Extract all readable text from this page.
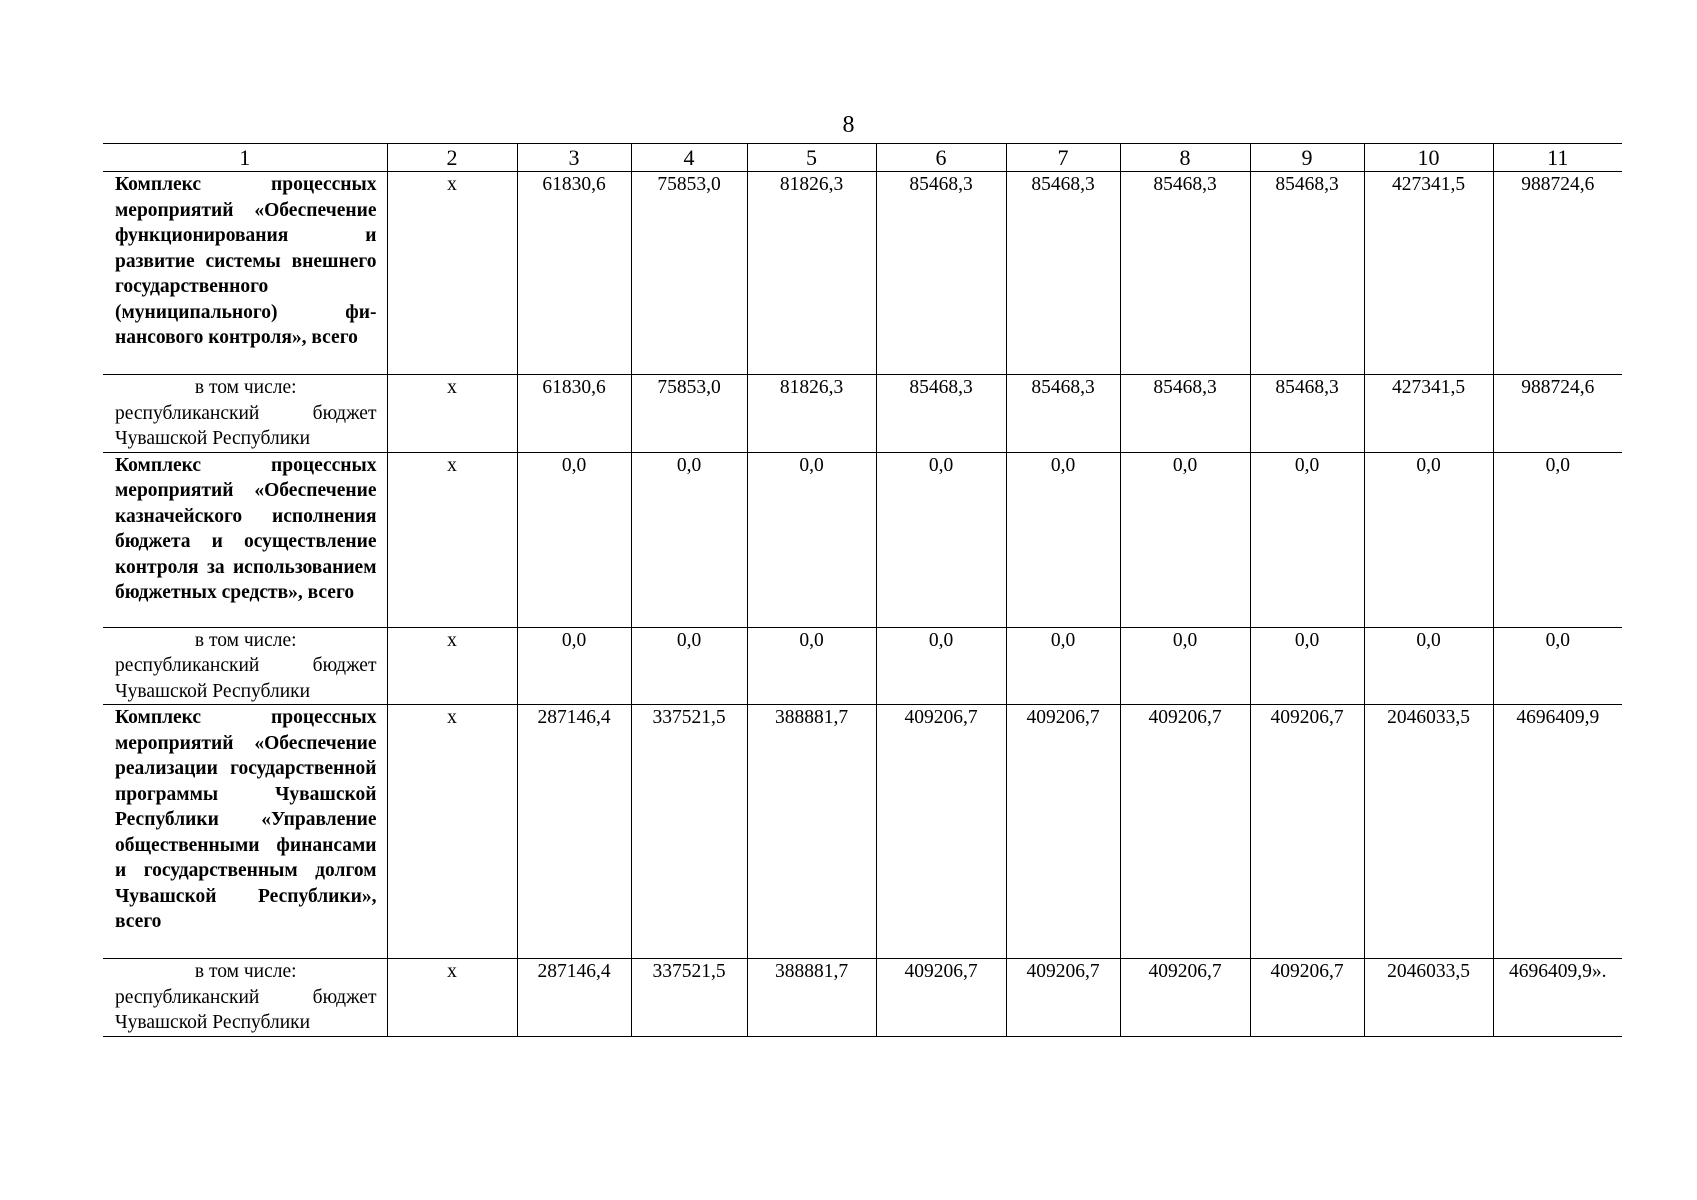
8
1	2	3	4	5	6	7	8	9	10	11
Комплекс процессных мероприятий «Обеспечение функционирования и развитие системы внешнего государственного (муниципального) финансового контроля», всего	x	61830,6	75853,0	81826,3	85468,3	85468,3	85468,3	85468,3	427341,5	988724,6

в том числе:
республиканский бюджет Чувашской Республики	x	61830,6	75853,0	81826,3	85468,3	85468,3	85468,3	85468,3	427341,5	988724,6
Комплекс процессных мероприятий «Обеспечение казначейского исполнения бюджета и осуществление контроля за использованием бюджетных средств», всего	x	0,0	0,0	0,0	0,0	0,0	0,0	0,0	0,0	0,0

в том числе:
республиканский бюджет Чувашской Республики	x	0,0	0,0	0,0	0,0	0,0	0,0	0,0	0,0	0,0
Комплекс процессных мероприятий «Обеспечение реализации государственной программы Чувашской Республики «Управление общественными финансами и государственным долгом Чувашской Республики», всего	x	287146,4	337521,5	388881,7	409206,7	409206,7	409206,7	409206,7	2046033,5	4696409,9

в том числе:
республиканский бюджет Чувашской Республики	x	287146,4	337521,5	388881,7	409206,7	409206,7	409206,7	409206,7	2046033,5	4696409,9».
